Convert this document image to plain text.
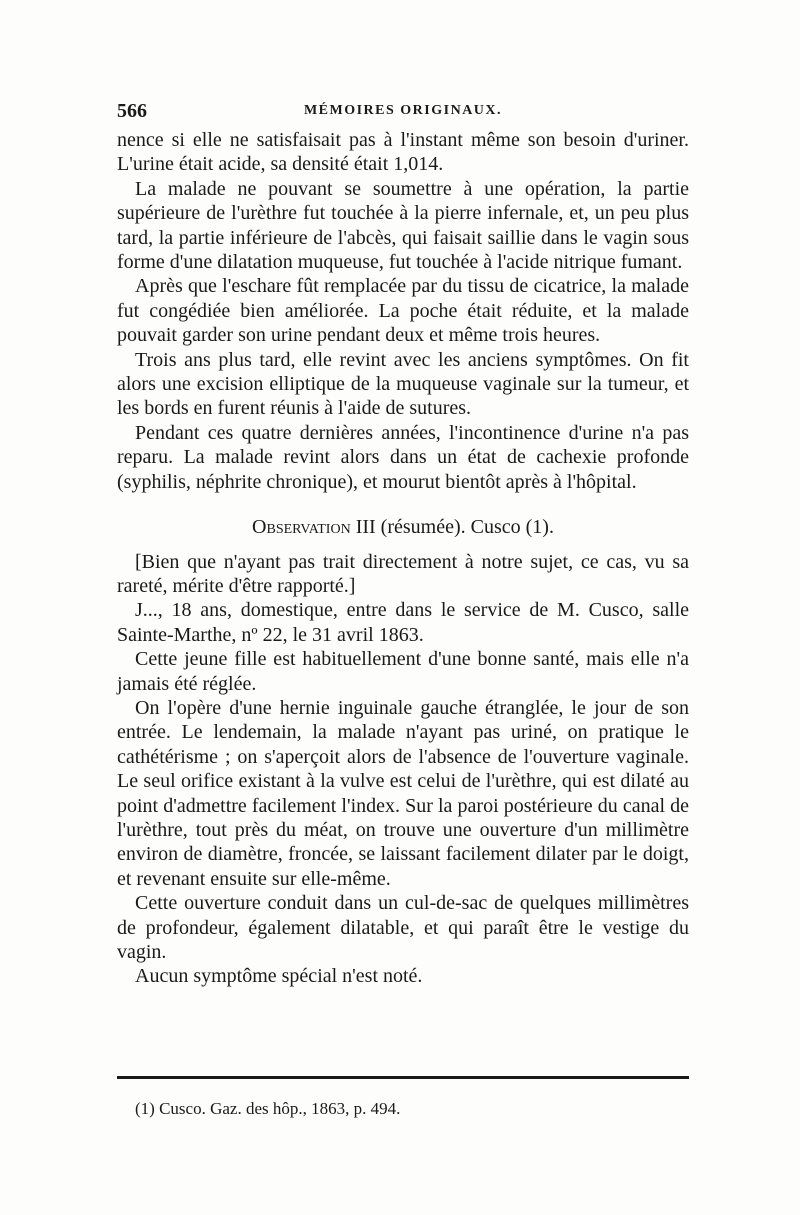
566	MÉMOIRES ORIGINAUX.

nence si elle ne satisfaisait pas à l'instant même son besoin d'uriner. L'urine était acide, sa densité était 1,014.

La malade ne pouvant se soumettre à une opération, la partie supérieure de l'urèthre fut touchée à la pierre infernale, et, un peu plus tard, la partie inférieure de l'abcès, qui faisait saillie dans le vagin sous forme d'une dilatation muqueuse, fut touchée à l'acide nitrique fumant.

Après que l'eschare fût remplacée par du tissu de cicatrice, la malade fut congédiée bien améliorée. La poche était réduite, et la malade pouvait garder son urine pendant deux et même trois heures.

Trois ans plus tard, elle revint avec les anciens symptômes. On fit alors une excision elliptique de la muqueuse vaginale sur la tumeur, et les bords en furent réunis à l'aide de sutures.

Pendant ces quatre dernières années, l'incontinence d'urine n'a pas reparu. La malade revint alors dans un état de cachexie profonde (syphilis, néphrite chronique), et mourut bientôt après à l'hôpital.

Observation III (résumée). Cusco (1).

[Bien que n'ayant pas trait directement à notre sujet, ce cas, vu sa rareté, mérite d'être rapporté.]

J..., 18 ans, domestique, entre dans le service de M. Cusco, salle Sainte-Marthe, nº 22, le 31 avril 1863.

Cette jeune fille est habituellement d'une bonne santé, mais elle n'a jamais été réglée.

On l'opère d'une hernie inguinale gauche étranglée, le jour de son entrée. Le lendemain, la malade n'ayant pas uriné, on pratique le cathétérisme ; on s'aperçoit alors de l'absence de l'ouverture vaginale. Le seul orifice existant à la vulve est celui de l'urèthre, qui est dilaté au point d'admettre facilement l'index. Sur la paroi postérieure du canal de l'urèthre, tout près du méat, on trouve une ouverture d'un millimètre environ de diamètre, froncée, se laissant facilement dilater par le doigt, et revenant ensuite sur elle-même.

Cette ouverture conduit dans un cul-de-sac de quelques millimètres de profondeur, également dilatable, et qui paraît être le vestige du vagin.

Aucun symptôme spécial n'est noté.

(1) Cusco. Gaz. des hôp., 1863, p. 494.
